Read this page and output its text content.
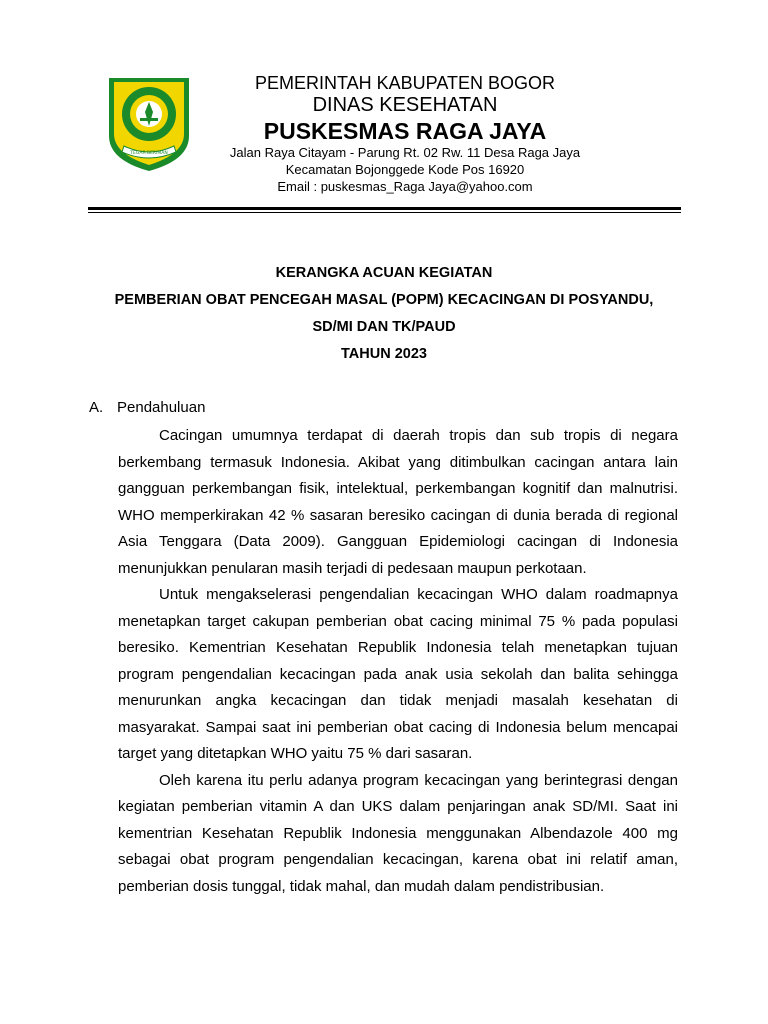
TEGAR BERIMAN
PEMERINTAH KABUPATEN BOGOR
DINAS KESEHATAN
PUSKESMAS RAGA JAYA
Jalan Raya Citayam - Parung Rt. 02 Rw. 11 Desa Raga Jaya
Kecamatan Bojonggede Kode Pos 16920
Email : puskesmas_Raga Jaya@yahoo.com
KERANGKA ACUAN KEGIATAN
PEMBERIAN OBAT PENCEGAH MASAL (POPM) KECACINGAN DI POSYANDU,
SD/MI DAN TK/PAUD
TAHUN 2023
A. Pendahuluan

Cacingan umumnya terdapat di daerah tropis dan sub tropis di negara berkembang termasuk Indonesia. Akibat yang ditimbulkan cacingan antara lain gangguan perkembangan fisik, intelektual, perkembangan kognitif dan malnutrisi. WHO memperkirakan 42 % sasaran beresiko cacingan di dunia berada di regional Asia Tenggara (Data 2009). Gangguan Epidemiologi cacingan di Indonesia menunjukkan penularan masih terjadi di pedesaan maupun perkotaan.

Untuk mengakselerasi pengendalian kecacingan WHO dalam roadmapnya menetapkan target cakupan pemberian obat cacing minimal 75 % pada populasi beresiko. Kementrian Kesehatan Republik Indonesia telah menetapkan tujuan program pengendalian kecacingan pada anak usia sekolah dan balita sehingga menurunkan angka kecacingan dan tidak menjadi masalah kesehatan di masyarakat. Sampai saat ini pemberian obat cacing di Indonesia belum mencapai target yang ditetapkan WHO yaitu 75 % dari sasaran.

Oleh karena itu perlu adanya program kecacingan yang berintegrasi dengan kegiatan pemberian vitamin A dan UKS dalam penjaringan anak SD/MI. Saat ini kementrian Kesehatan Republik Indonesia menggunakan Albendazole 400 mg sebagai obat program pengendalian kecacingan, karena obat ini relatif aman, pemberian dosis tunggal, tidak mahal, dan mudah dalam pendistribusian.
